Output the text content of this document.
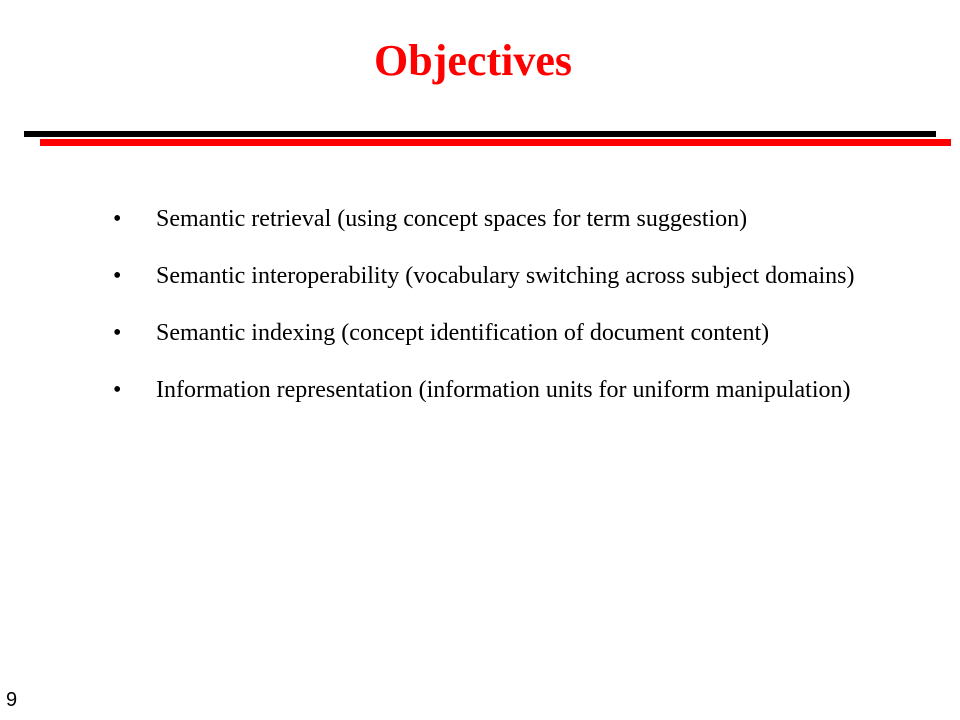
Objectives
• Semantic retrieval (using concept spaces for term suggestion)
• Semantic interoperability (vocabulary switching across subject domains)
• Semantic indexing (concept identification of document content)
• Information representation (information units for uniform manipulation)
9
